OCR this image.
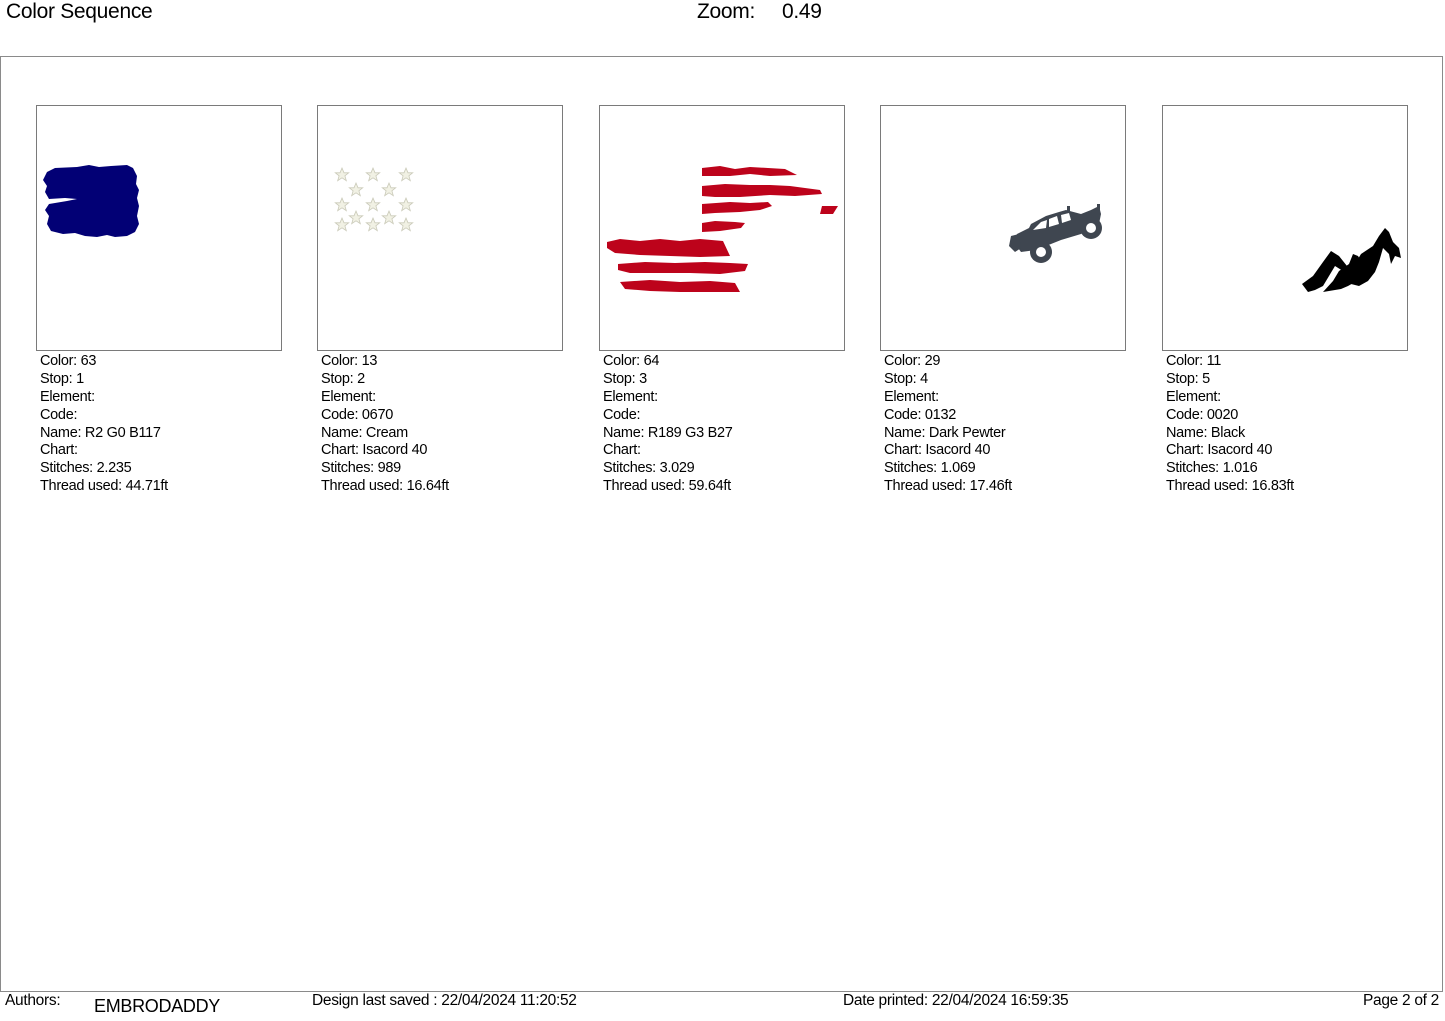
Color Sequence	Zoom: 0.49
Color: 63
Stop: 1
Element:
Code:
Name: R2 G0 B117
Chart:
Stitches: 2.235
Thread used: 44.71ft
Color: 13
Stop: 2
Element:
Code: 0670
Name: Cream
Chart: Isacord 40
Stitches: 989
Thread used: 16.64ft
Color: 64
Stop: 3
Element:
Code:
Name: R189 G3 B27
Chart:
Stitches: 3.029
Thread used: 59.64ft
Color: 29
Stop: 4
Element:
Code: 0132
Name: Dark Pewter
Chart: Isacord 40
Stitches: 1.069
Thread used: 17.46ft
Color: 11
Stop: 5
Element:
Code: 0020
Name: Black
Chart: Isacord 40
Stitches: 1.016
Thread used: 16.83ft
Authors: EMBRODADDY	Design last saved : 22/04/2024 11:20:52	Date printed: 22/04/2024 16:59:35	Page 2 of 2
